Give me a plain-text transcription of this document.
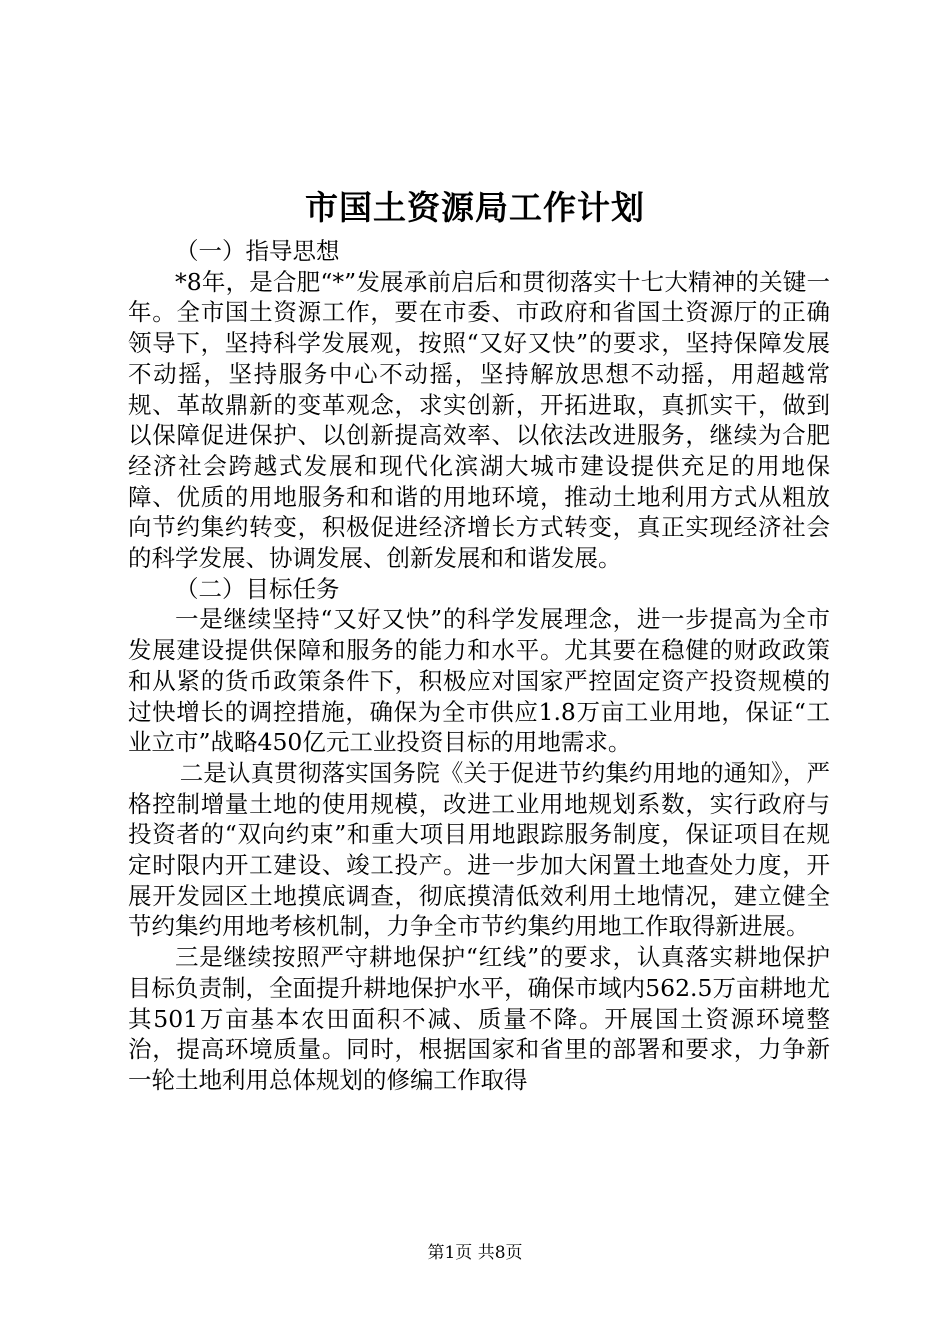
市国土资源局工作计划

（一）指导思想

*8年，是合肥“*”发展承前启后和贯彻落实十七大精神的关键一年。全市国土资源工作，要在市委、市政府和省国土资源厅的正确领导下，坚持科学发展观，按照“又好又快”的要求，坚持保障发展不动摇，坚持服务中心不动摇，坚持解放思想不动摇，用超越常规、革故鼎新的变革观念，求实创新，开拓进取，真抓实干，做到以保障促进保护、以创新提高效率、以依法改进服务，继续为合肥经济社会跨越式发展和现代化滨湖大城市建设提供充足的用地保障、优质的用地服务和和谐的用地环境，推动土地利用方式从粗放向节约集约转变，积极促进经济增长方式转变，真正实现经济社会的科学发展、协调发展、创新发展和和谐发展。

（二）目标任务

一是继续坚持“又好又快”的科学发展理念，进一步提高为全市发展建设提供保障和服务的能力和水平。尤其要在稳健的财政政策和从紧的货币政策条件下，积极应对国家严控固定资产投资规模的过快增长的调控措施，确保为全市供应1.8万亩工业用地，保证“工业立市”战略450亿元工业投资目标的用地需求。

二是认真贯彻落实国务院《关于促进节约集约用地的通知》，严格控制增量土地的使用规模，改进工业用地规划系数，实行政府与投资者的“双向约束”和重大项目用地跟踪服务制度，保证项目在规定时限内开工建设、竣工投产。进一步加大闲置土地查处力度，开展开发园区土地摸底调查，彻底摸清低效利用土地情况，建立健全节约集约用地考核机制，力争全市节约集约用地工作取得新进展。

三是继续按照严守耕地保护“红线”的要求，认真落实耕地保护目标负责制，全面提升耕地保护水平，确保市域内562.5万亩耕地尤其501万亩基本农田面积不减、质量不降。开展国土资源环境整治，提高环境质量。同时，根据国家和省里的部署和要求，力争新一轮土地利用总体规划的修编工作取得

第1页 共8页
